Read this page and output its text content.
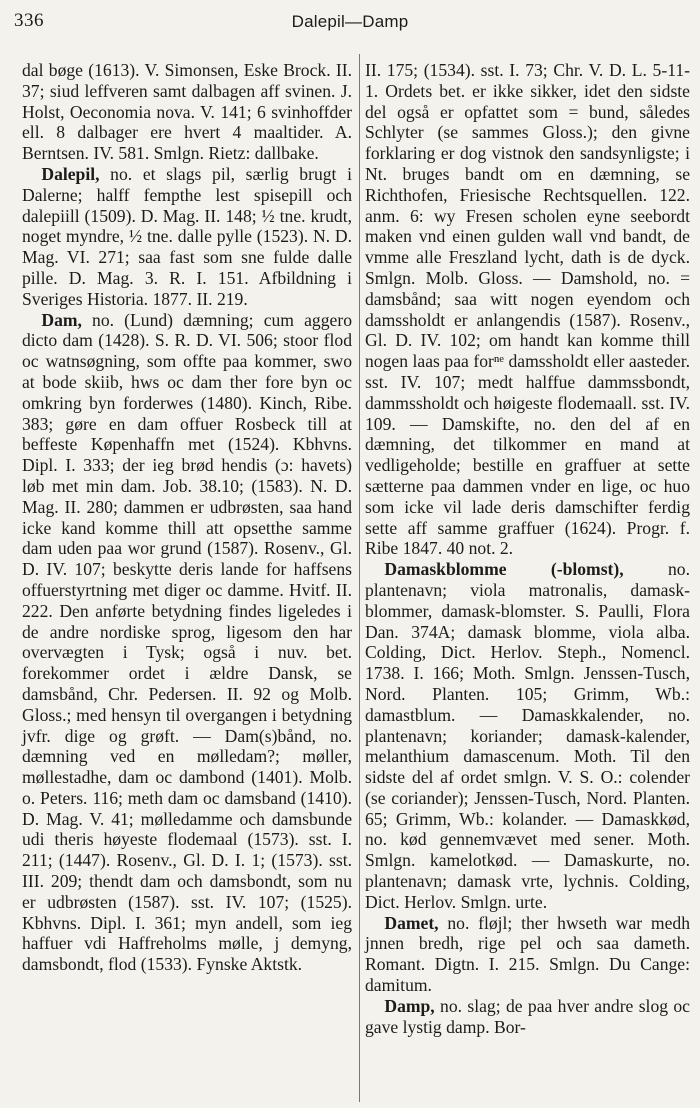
336	Dalepil—Damp

dal bøge (1613). V. Simonsen, Eske Brock. II. 37; siud leffveren samt dalbagen aff svinen. J. Holst, Oeconomia nova. V. 141; 6 svinhoffder ell. 8 dalbager ere hvert 4 maaltider. A. Berntsen. IV. 581. Smlgn. Rietz: dallbake.

Dalepil, no. et slags pil, særlig brugt i Dalerne; halff fempthe lest spisepill och dalepiill (1509). D. Mag. II. 148; ½ tne. krudt, noget myndre, ½ tne. dalle pylle (1523). N. D. Mag. VI. 271; saa fast som sne fulde dalle pille. D. Mag. 3. R. I. 151. Afbildning i Sveriges Historia. 1877. II. 219.

Dam, no. (Lund) dæmning; cum aggero dicto dam (1428). S. R. D. VI. 506; stoor flod oc watnsøgning, som offte paa kommer, swo at bode skiib, hws oc dam ther fore byn oc omkring byn forderwes (1480). Kinch, Ribe. 383; gøre en dam offuer Rosbeck till at beffeste Køpenhaffn met (1524). Kbhvns. Dipl. I. 333; der ieg brød hendis (ɔ: havets) løb met min dam. Job. 38.10; (1583). N. D. Mag. II. 280; dammen er udbrøsten, saa hand icke kand komme thill att opsetthe samme dam uden paa wor grund (1587). Rosenv., Gl. D. IV. 107; beskytte deris lande for haffsens offuerstyrtning met diger oc damme. Hvitf. II. 222. Den anførte betydning findes ligeledes i de andre nordiske sprog, ligesom den har overvægten i Tysk; også i nuv. bet. forekommer ordet i ældre Dansk, se damsbånd, Chr. Pedersen. II. 92 og Molb. Gloss.; med hensyn til overgangen i betydning jvfr. dige og grøft. — Dam(s)bånd, no. dæmning ved en mølledam?; møller, møllestadhe, dam oc dambond (1401). Molb. o. Peters. 116; meth dam oc damsband (1410). D. Mag. V. 41; mølledamme och damsbunde udi theris høyeste flodemaal (1573). sst. I. 211; (1447). Rosenv., Gl. D. I. 1; (1573). sst. III. 209; thendt dam och damsbondt, som nu er udbrøsten (1587). sst. IV. 107; (1525). Kbhvns. Dipl. I. 361; myn andell, som ieg haffuer vdi Haffreholms mølle, j demyng, damsbondt, flod (1533). Fynske Aktstk.

II. 175; (1534). sst. I. 73; Chr. V. D. L. 5-11-1. Ordets bet. er ikke sikker, idet den sidste del også er opfattet som = bund, således Schlyter (se sammes Gloss.); den givne forklaring er dog vistnok den sandsynligste; i Nt. bruges bandt om en dæmning, se Richthofen, Friesische Rechtsquellen. 122. anm. 6: wy Fresen scholen eyne seebordt maken vnd einen gulden wall vnd bandt, de vmme alle Freszland lycht, dath is de dyck. Smlgn. Molb. Gloss. — Damshold, no. = damsbånd; saa witt nogen eyendom och damssholdt er anlangendis (1587). Rosenv., Gl. D. IV. 102; om handt kan komme thill nogen laas paa forⁿᵉ damssholdt eller aasteder. sst. IV. 107; medt halffue dammssbondt, dammssholdt och høigeste flodemaall. sst. IV. 109. — Damskifte, no. den del af en dæmning, det tilkommer en mand at vedligeholde; bestille en graffuer at sette sætterne paa dammen vnder en lige, oc huo som icke vil lade deris damschifter ferdig sette aff samme graffuer (1624). Progr. f. Ribe 1847. 40 not. 2.

Damaskblomme (-blomst), no. plantenavn; viola matronalis, damask-blommer, damask-blomster. S. Paulli, Flora Dan. 374A; damask blomme, viola alba. Colding, Dict. Herlov. Steph., Nomencl. 1738. I. 166; Moth. Smlgn. Jenssen-Tusch, Nord. Planten. 105; Grimm, Wb.: damastblum. — Damaskkalender, no. plantenavn; koriander; damask-kalender, melanthium damascenum. Moth. Til den sidste del af ordet smlgn. V. S. O.: colender (se coriander); Jenssen-Tusch, Nord. Planten. 65; Grimm, Wb.: kolander. — Damaskkød, no. kød gennemvævet med sener. Moth. Smlgn. kamelotkød. — Damaskurte, no. plantenavn; damask vrte, lychnis. Colding, Dict. Herlov. Smlgn. urte.

Damet, no. fløjl; ther hwseth war medh jnnen bredh, rige pel och saa dameth. Romant. Digtn. I. 215. Smlgn. Du Cange: damitum.

Damp, no. slag; de paa hver andre slog oc gave lystig damp. Bor-
